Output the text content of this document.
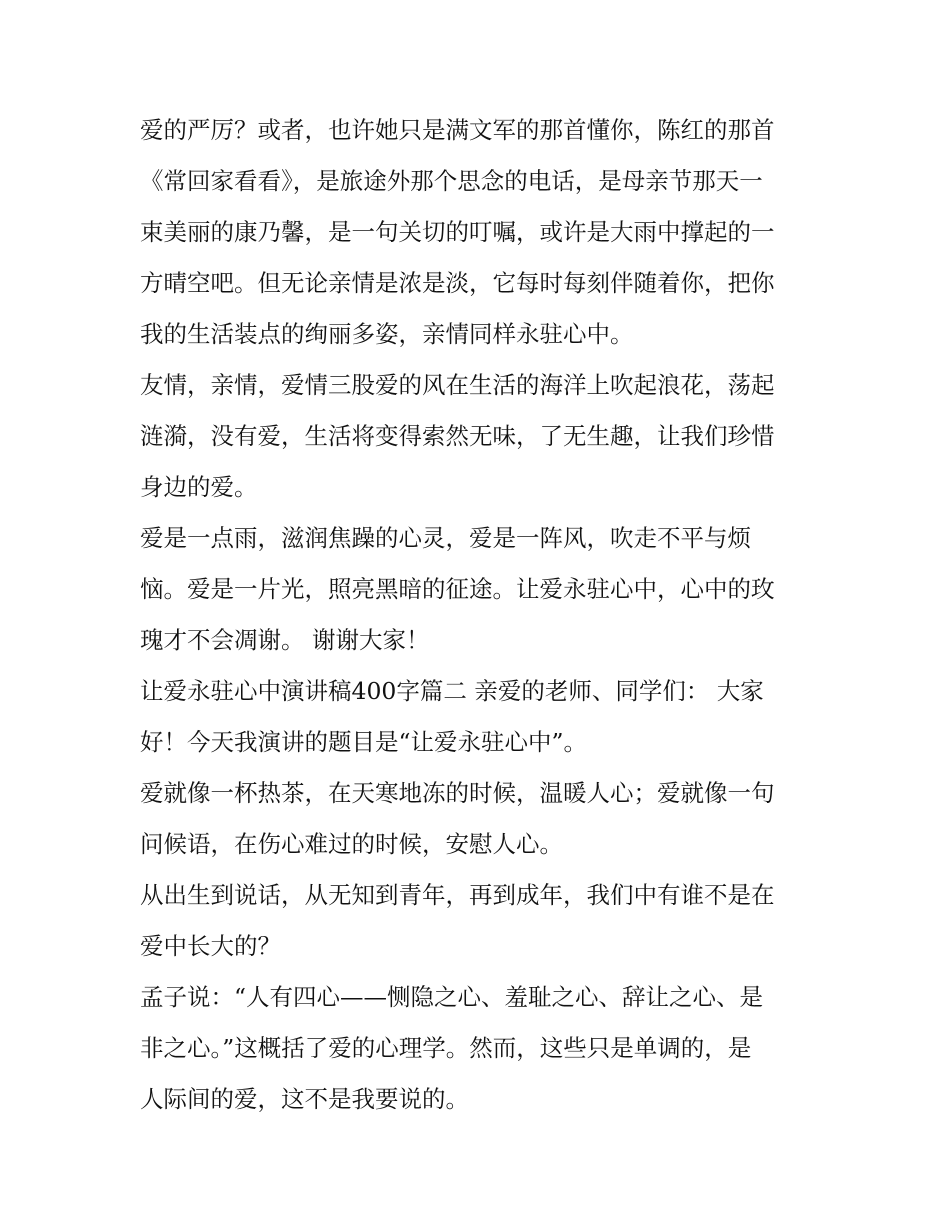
爱的严厉？或者，也许她只是满文军的那首懂你，陈红的那首
《常回家看看》，是旅途外那个思念的电话，是母亲节那天一
束美丽的康乃馨，是一句关切的叮嘱，或许是大雨中撑起的一
方晴空吧。但无论亲情是浓是淡，它每时每刻伴随着你，把你
我的生活装点的绚丽多姿，亲情同样永驻心中。
友情，亲情，爱情三股爱的风在生活的海洋上吹起浪花，荡起
涟漪，没有爱，生活将变得索然无味，了无生趣，让我们珍惜
身边的爱。
爱是一点雨，滋润焦躁的心灵，爱是一阵风，吹走不平与烦
恼。爱是一片光，照亮黑暗的征途。让爱永驻心中，心中的玫
瑰才不会凋谢。 谢谢大家！
让爱永驻心中演讲稿400字篇二 亲爱的老师、同学们： 大家
好！今天我演讲的题目是“让爱永驻心中”。
爱就像一杯热茶，在天寒地冻的时候，温暖人心；爱就像一句
问候语，在伤心难过的时候，安慰人心。
从出生到说话，从无知到青年，再到成年，我们中有谁不是在
爱中长大的？
孟子说：“人有四心——恻隐之心、羞耻之心、辞让之心、是
非之心。”这概括了爱的心理学。然而，这些只是单调的，是
人际间的爱，这不是我要说的。
